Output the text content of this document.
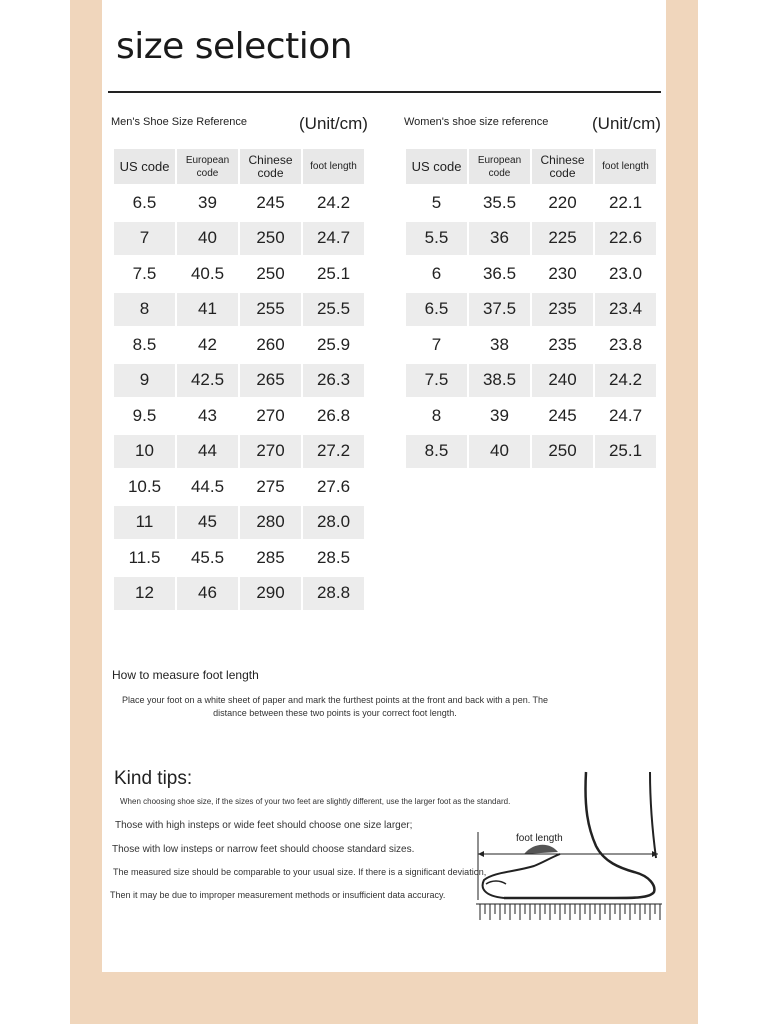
size selection
Men's Shoe Size Reference	(Unit/cm)	Women's shoe size reference	(Unit/cm)
US code	European code	Chinese code	foot length
6.5	39	245	24.2
7	40	250	24.7
7.5	40.5	250	25.1
8	41	255	25.5
8.5	42	260	25.9
9	42.5	265	26.3
9.5	43	270	26.8
10	44	270	27.2
10.5	44.5	275	27.6
11	45	280	28.0
11.5	45.5	285	28.5
12	46	290	28.8
US code	European code	Chinese code	foot length
5	35.5	220	22.1
5.5	36	225	22.6
6	36.5	230	23.0
6.5	37.5	235	23.4
7	38	235	23.8
7.5	38.5	240	24.2
8	39	245	24.7
8.5	40	250	25.1
How to measure foot length
Place your foot on a white sheet of paper and mark the furthest points at the front and back with a pen. The distance between these two points is your correct foot length.
Kind tips:
When choosing shoe size, if the sizes of your two feet are slightly different, use the larger foot as the standard.
Those with high insteps or wide feet should choose one size larger;
Those with low insteps or narrow feet should choose standard sizes.
The measured size should be comparable to your usual size. If there is a significant deviation,
Then it may be due to improper measurement methods or insufficient data accuracy.
foot length
